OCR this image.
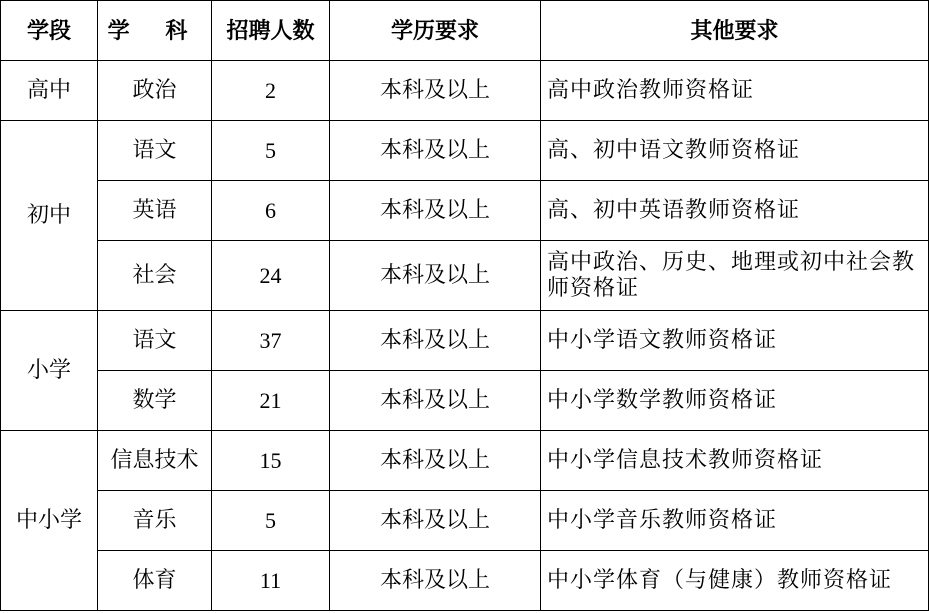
学段	学 科	招聘人数	学历要求	其他要求
高中	政治	2	本科及以上	高中政治教师资格证
初中	语文	5	本科及以上	高、初中语文教师资格证
	英语	6	本科及以上	高、初中英语教师资格证
	社会	24	本科及以上	高中政治、历史、地理或初中社会教师资格证
小学	语文	37	本科及以上	中小学语文教师资格证
	数学	21	本科及以上	中小学数学教师资格证
中小学	信息技术	15	本科及以上	中小学信息技术教师资格证
	音乐	5	本科及以上	中小学音乐教师资格证
	体育	11	本科及以上	中小学体育（与健康）教师资格证
